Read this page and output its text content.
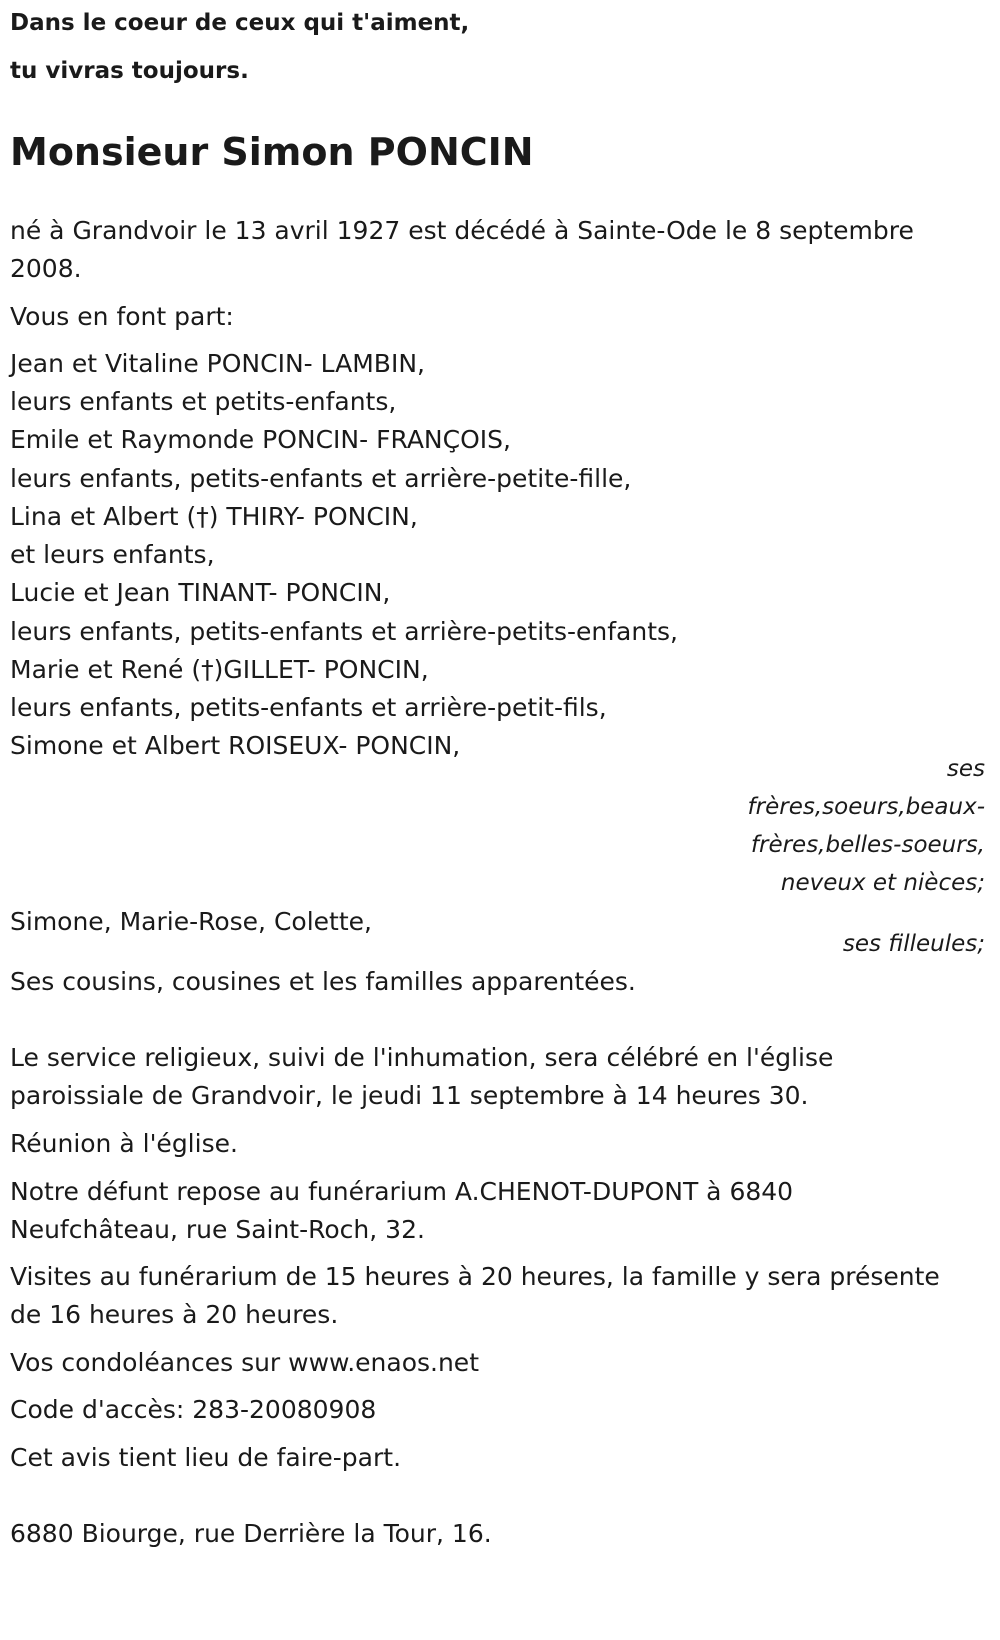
Dans le coeur de ceux qui t'aiment,
tu vivras toujours.
Monsieur Simon PONCIN
né à Grandvoir le 13 avril 1927 est décédé à Sainte-Ode le 8 septembre
2008.
Vous en font part:
Jean et Vitaline PONCIN- LAMBIN,
leurs enfants et petits-enfants,
Emile et Raymonde PONCIN- FRANÇOIS,
leurs enfants, petits-enfants et arrière-petite-fille,
Lina et Albert (†) THIRY- PONCIN,
et leurs enfants,
Lucie et Jean TINANT- PONCIN,
leurs enfants, petits-enfants et arrière-petits-enfants,
Marie et René (†)GILLET- PONCIN,
leurs enfants, petits-enfants et arrière-petit-fils,
Simone et Albert ROISEUX- PONCIN,
ses
frères,soeurs,beaux-
frères,belles-soeurs,
neveux et nièces;
Simone, Marie-Rose, Colette,
ses filleules;
Ses cousins, cousines et les familles apparentées.
Le service religieux, suivi de l'inhumation, sera célébré en l'église
paroissiale de Grandvoir, le jeudi 11 septembre à 14 heures 30.
Réunion à l'église.
Notre défunt repose au funérarium A.CHENOT-DUPONT à 6840
Neufchâteau, rue Saint-Roch, 32.
Visites au funérarium de 15 heures à 20 heures, la famille y sera présente
de 16 heures à 20 heures.
Vos condoléances sur www.enaos.net
Code d'accès: 283-20080908
Cet avis tient lieu de faire-part.
6880 Biourge, rue Derrière la Tour, 16.
